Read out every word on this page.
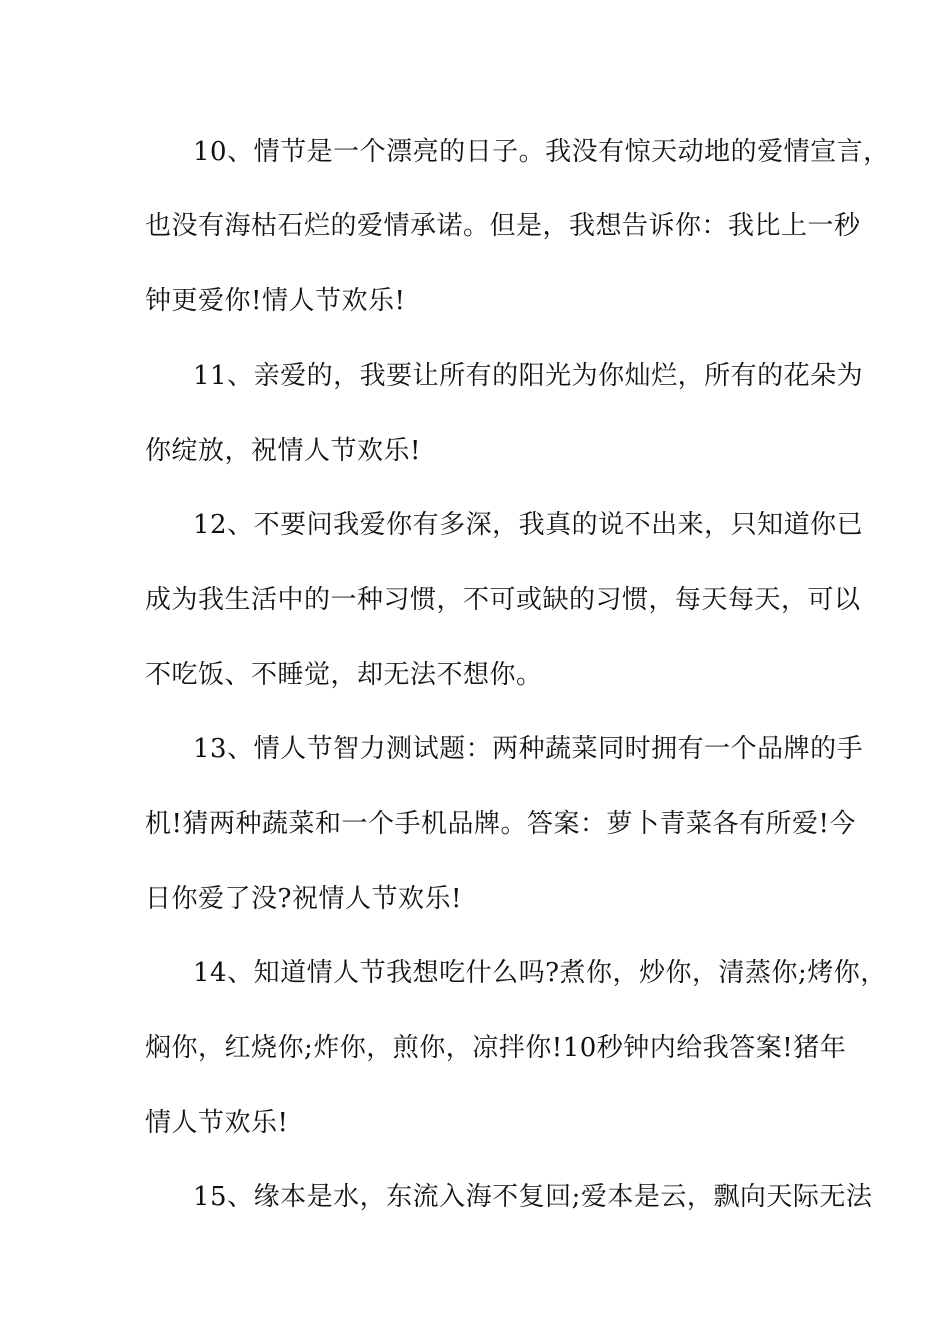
10、情节是一个漂亮的日子。我没有惊天动地的爱情宣言，
也没有海枯石烂的爱情承诺。但是，我想告诉你：我比上一秒
钟更爱你!情人节欢乐!
11、亲爱的，我要让所有的阳光为你灿烂，所有的花朵为
你绽放，祝情人节欢乐!
12、不要问我爱你有多深，我真的说不出来，只知道你已
成为我生活中的一种习惯，不可或缺的习惯，每天每天，可以
不吃饭、不睡觉，却无法不想你。
13、情人节智力测试题：两种蔬菜同时拥有一个品牌的手
机!猜两种蔬菜和一个手机品牌。答案：萝卜青菜各有所爱!今
日你爱了没?祝情人节欢乐!
14、知道情人节我想吃什么吗?煮你，炒你，清蒸你;烤你，
焖你，红烧你;炸你，煎你，凉拌你!10秒钟内给我答案!猪年
情人节欢乐!
15、缘本是水，东流入海不复回;爱本是云，飘向天际无法
